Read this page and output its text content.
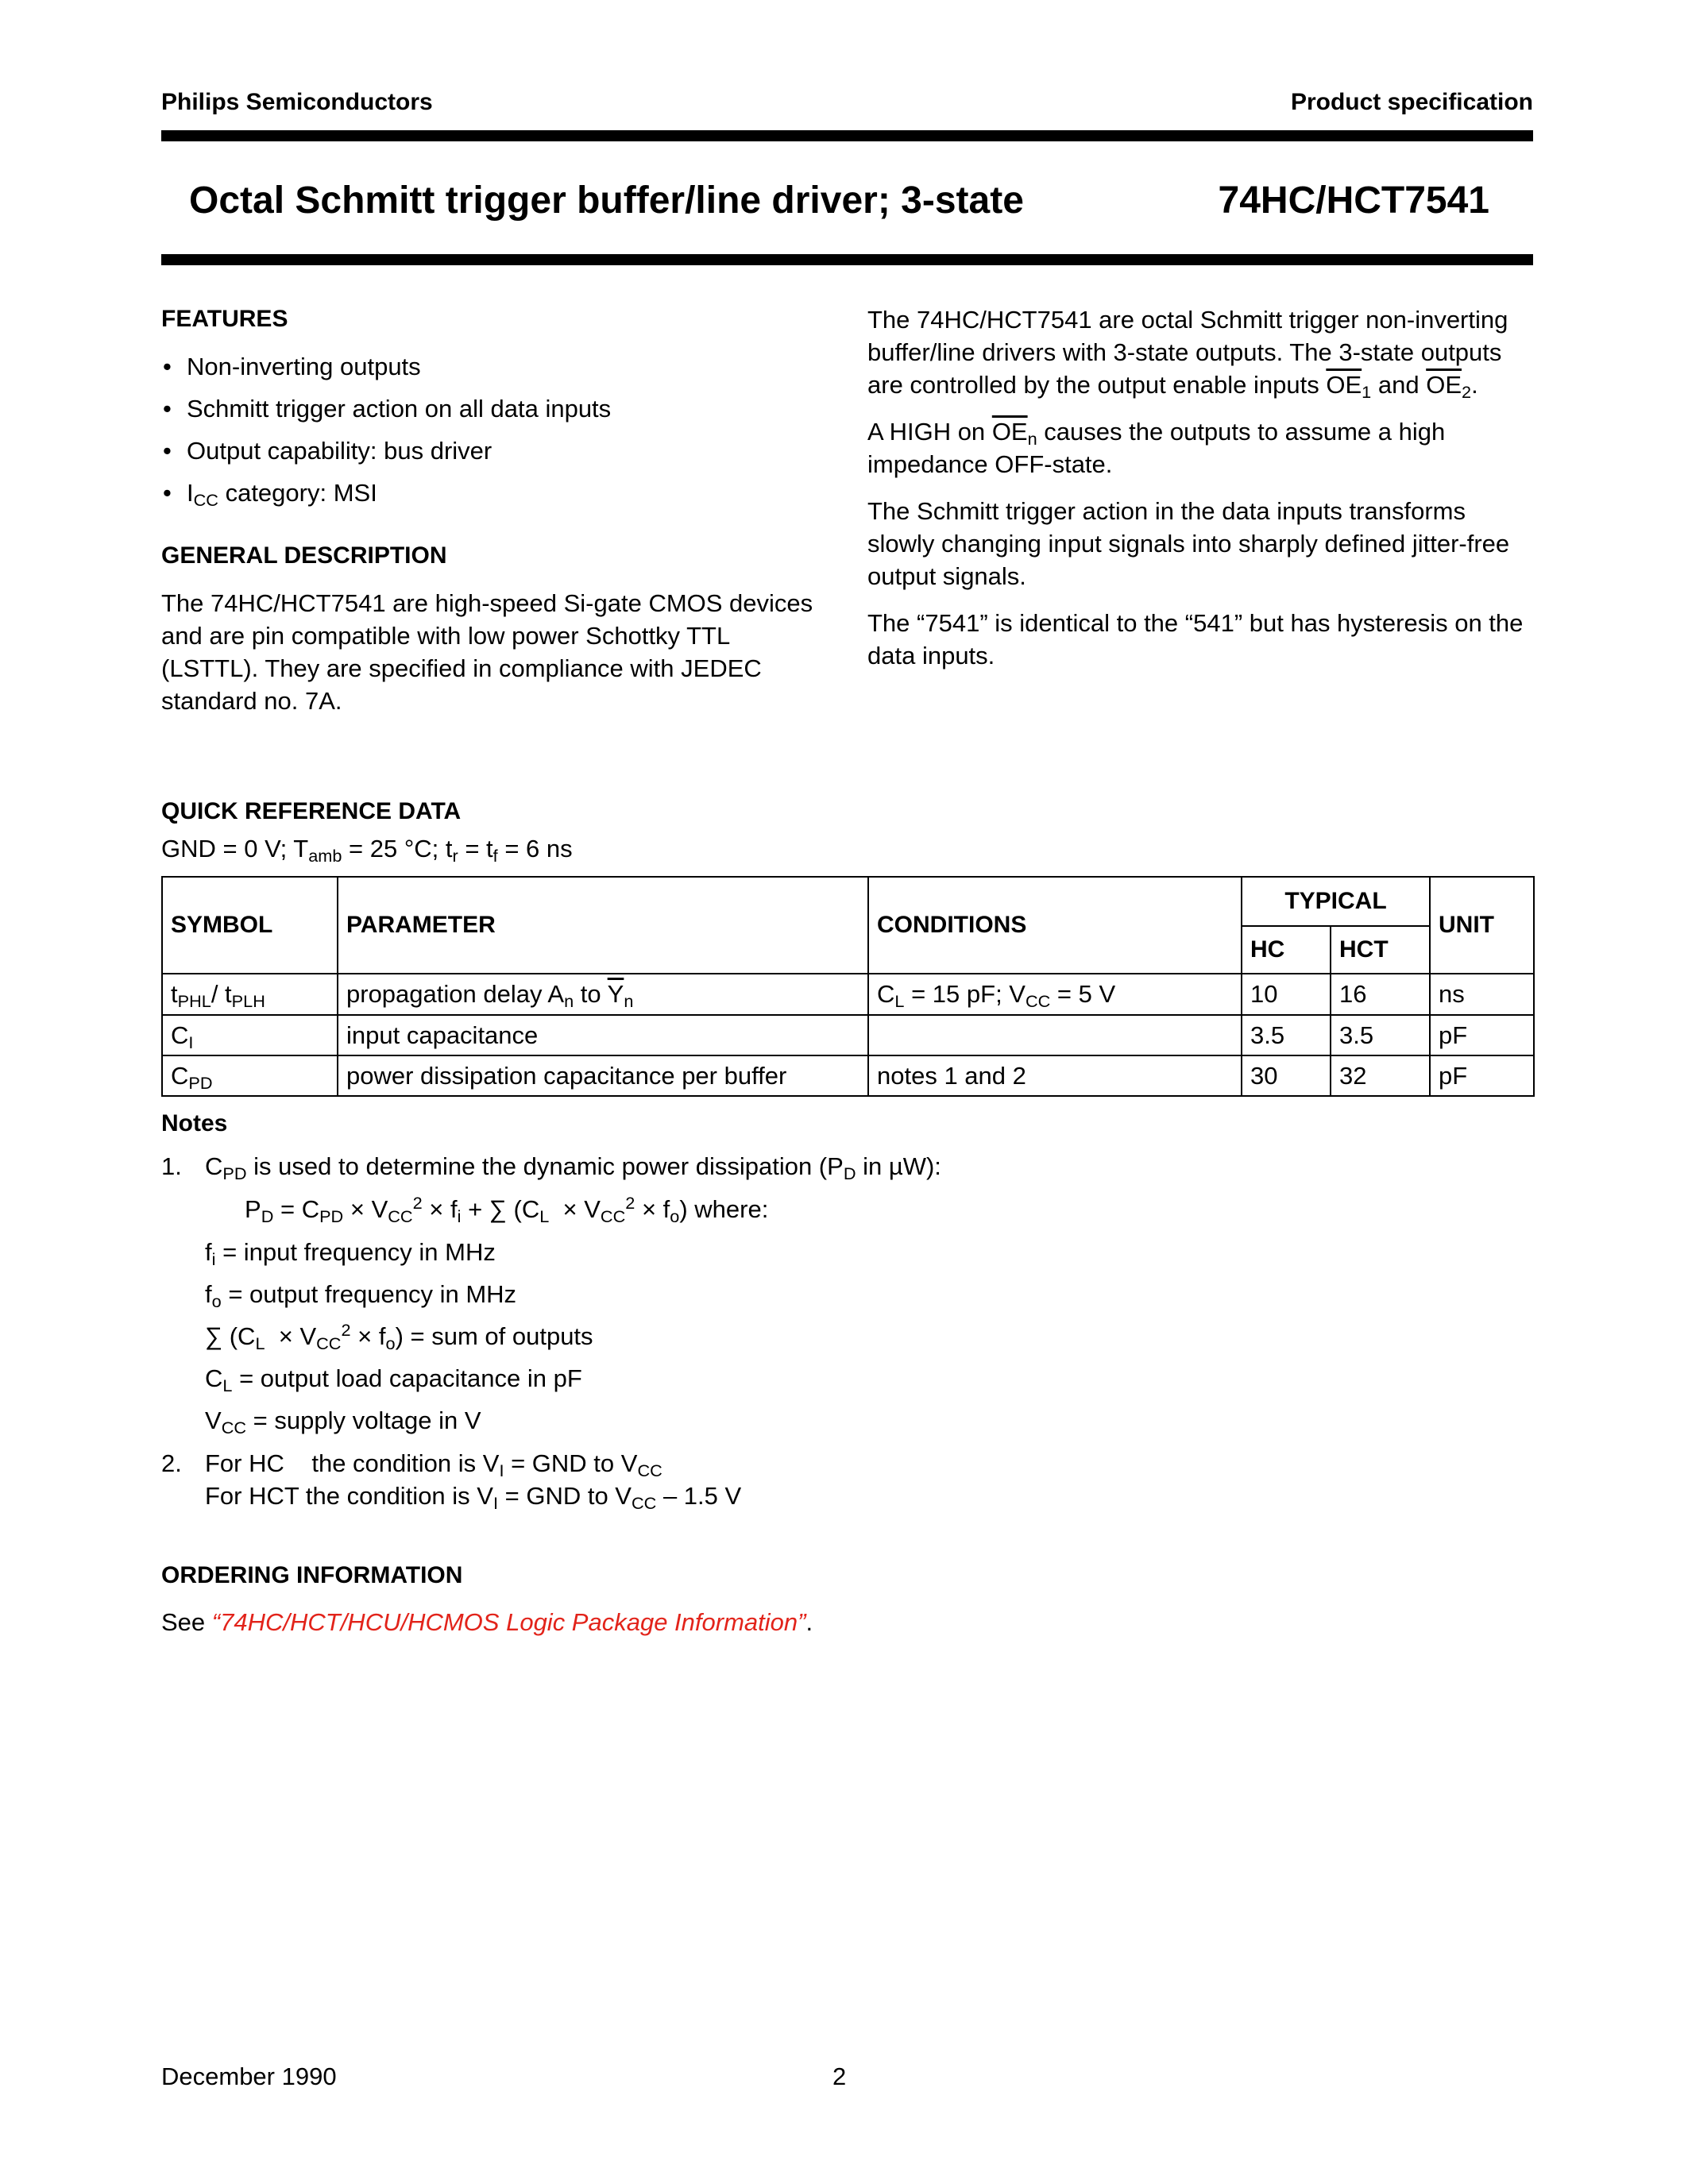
Philips Semiconductors	Product specification
Octal Schmitt trigger buffer/line driver; 3-state	74HC/HCT7541
FEATURES
• Non-inverting outputs
• Schmitt trigger action on all data inputs
• Output capability: bus driver
• $I_{CC}$ category: MSI
GENERAL DESCRIPTION

The 74HC/HCT7541 are high-speed Si-gate CMOS devices and are pin compatible with low power Schottky TTL (LSTTL). They are specified in compliance with JEDEC standard no. 7A.

The 74HC/HCT7541 are octal Schmitt trigger non-inverting buffer/line drivers with 3-state outputs. The 3-state outputs are controlled by the output enable inputs $\overline{OE}_1$ and $\overline{OE}_2$.

A HIGH on $\overline{OE}_n$ causes the outputs to assume a high impedance OFF-state.

The Schmitt trigger action in the data inputs transforms slowly changing input signals into sharply defined jitter-free output signals.

The “7541” is identical to the “541” but has hysteresis on the data inputs.

QUICK REFERENCE DATA
GND = 0 V; $T_{amb} = 25$ °C; $t_r = t_f = 6$ ns
SYMBOL	PARAMETER	CONDITIONS	TYPICAL		UNIT
			HC	HCT	
$t_{PHL}/$ $t_{PLH}$	propagation delay $A_n$ to $\overline{Y}_n$	$C_L = 15$ pF; $V_{CC} = 5$ V	10	16	ns
$C_I$	input capacitance		3.5	3.5	pF
$C_{PD}$	power dissipation capacitance per buffer	notes 1 and 2	30	32	pF
Notes
1. $C_{PD}$ is used to determine the dynamic power dissipation ($P_D$ in µW):
$P_D = C_{PD} \times V_{CC}^2 \times f_i$ + ∑ $(C_L \times V_{CC}^2 \times f_o)$ where:
$f_i$ = input frequency in MHz
$f_o$ = output frequency in MHz
∑ $(C_L \times V_{CC}^2 \times f_o)$ = sum of outputs
$C_L$ = output load capacitance in pF
$V_{CC}$ = supply voltage in V
2. For HC the condition is $V_I$ = GND to $V_{CC}$
For HCT the condition is $V_I$ = GND to $V_{CC} - 1.5$ V
ORDERING INFORMATION
See “74HC/HCT/HCU/HCMOS Logic Package Information”.
December 1990	2
